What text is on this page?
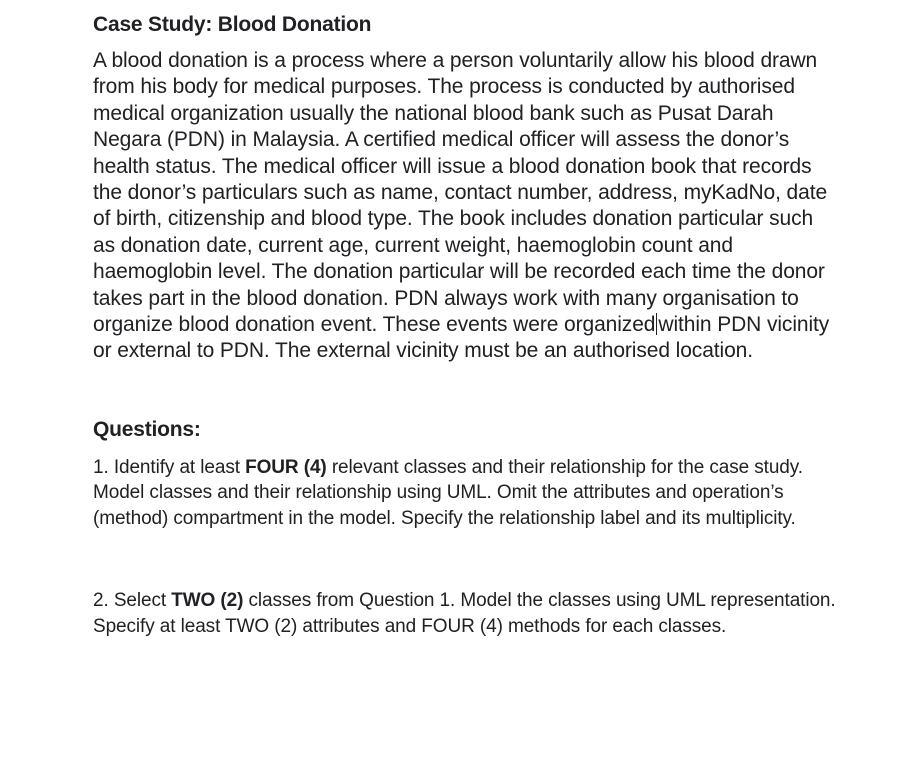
Case Study: Blood Donation
A blood donation is a process where a person voluntarily allow his blood drawn from his body for medical purposes. The process is conducted by authorised medical organization usually the national blood bank such as Pusat Darah Negara (PDN) in Malaysia. A certified medical officer will assess the donor’s health status. The medical officer will issue a blood donation book that records the donor’s particulars such as name, contact number, address, myKadNo, date of birth, citizenship and blood type. The book includes donation particular such as donation date, current age, current weight, haemoglobin count and haemoglobin level. The donation particular will be recorded each time the donor takes part in the blood donation. PDN always work with many organisation to organize blood donation event. These events were organized within PDN vicinity or external to PDN. The external vicinity must be an authorised location.
Questions:
1. Identify at least FOUR (4) relevant classes and their relationship for the case study. Model classes and their relationship using UML. Omit the attributes and operation’s (method) compartment in the model. Specify the relationship label and its multiplicity.
2. Select TWO (2) classes from Question 1. Model the classes using UML representation. Specify at least TWO (2) attributes and FOUR (4) methods for each classes.
